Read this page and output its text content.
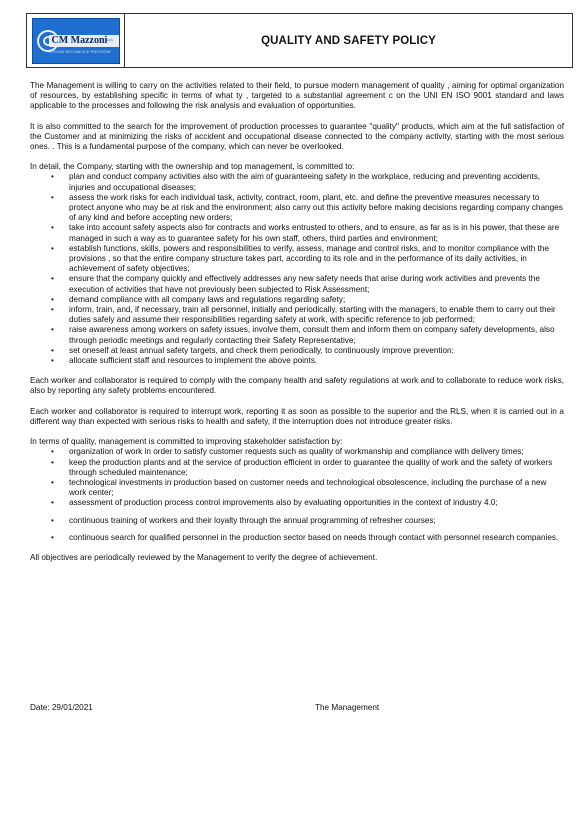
CM Mazzoni
S.r.l.
OFFICINA MECCANICA DI PRECISIONE
QUALITY AND SAFETY POLICY

The Management is willing to carry on the activities related to their field, to pursue modern management of quality , aiming for optimal organization of resources, by establishing specific in terms of what ty , targeted to a substantial agreement c on the UNI EN ISO 9001 standard and laws applicable to the processes and following the risk analysis and evaluation of opportunities.

It is also committed to the search for the improvement of production processes to guarantee "quality" products, which aim at the full satisfaction of the Customer and at minimizing the risks of accident and occupational disease connected to the company activity, starting with the most serious ones. . This is a fundamental purpose of the company, which can never be overlooked.

In detail, the Company, starting with the ownership and top management, is committed to:

• plan and conduct company activities also with the aim of guaranteeing safety in the workplace, reducing and preventing accidents, injuries and occupational diseases;
• assess the work risks for each individual task, activity, contract, room, plant, etc. and define the preventive measures necessary to protect anyone who may be at risk and the environment; also carry out this activity before making decisions regarding company changes of any kind and before accepting new orders;
• take into account safety aspects also for contracts and works entrusted to others, and to ensure, as far as is in his power, that these are managed in such a way as to guarantee safety for his own staff, others, third parties and environment;
• establish functions, skills, powers and responsibilities to verify, assess, manage and control risks, and to monitor compliance with the provisions , so that the entire company structure takes part, according to its role and in the performance of its daily activities, in achievement of safety objectives;
• ensure that the company quickly and effectively addresses any new safety needs that arise during work activities and prevents the execution of activities that have not previously been subjected to Risk Assessment;
• demand compliance with all company laws and regulations regarding safety;
• inform, train, and, if necessary, train all personnel, initially and periodically, starting with the managers, to enable them to carry out their duties safely and assume their responsibilities regarding safety at work, with specific reference to job performed;
• raise awareness among workers on safety issues, involve them, consult them and inform them on company safety developments, also through periodic meetings and regularly contacting their Safety Representative;
• set oneself at least annual safety targets, and check them periodically, to continuously improve prevention;
• allocate sufficient staff and resources to implement the above points.

Each worker and collaborator is required to comply with the company health and safety regulations at work and to collaborate to reduce work risks, also by reporting any safety problems encountered.

Each worker and collaborator is required to interrupt work, reporting it as soon as possible to the superior and the RLS, when it is carried out in a different way than expected with serious risks to health and safety, if the interruption does not introduce greater risks.

In terms of quality, management is committed to improving stakeholder satisfaction by:

• organization of work in order to satisfy customer requests such as quality of workmanship and compliance with delivery times;
• keep the production plants and at the service of production efficient in order to guarantee the quality of work and the safety of workers through scheduled maintenance;
• technological investments in production based on customer needs and technological obsolescence, including the purchase of a new work center;
• assessment of production process control improvements also by evaluating opportunities in the context of industry 4.0;
• continuous training of workers and their loyalty through the annual programming of refresher courses;
• continuous search for qualified personnel in the production sector based on needs through contact with personnel research companies.

All objectives are periodically reviewed by the Management to verify the degree of achievement.

Date: 29/01/2021	The Management
